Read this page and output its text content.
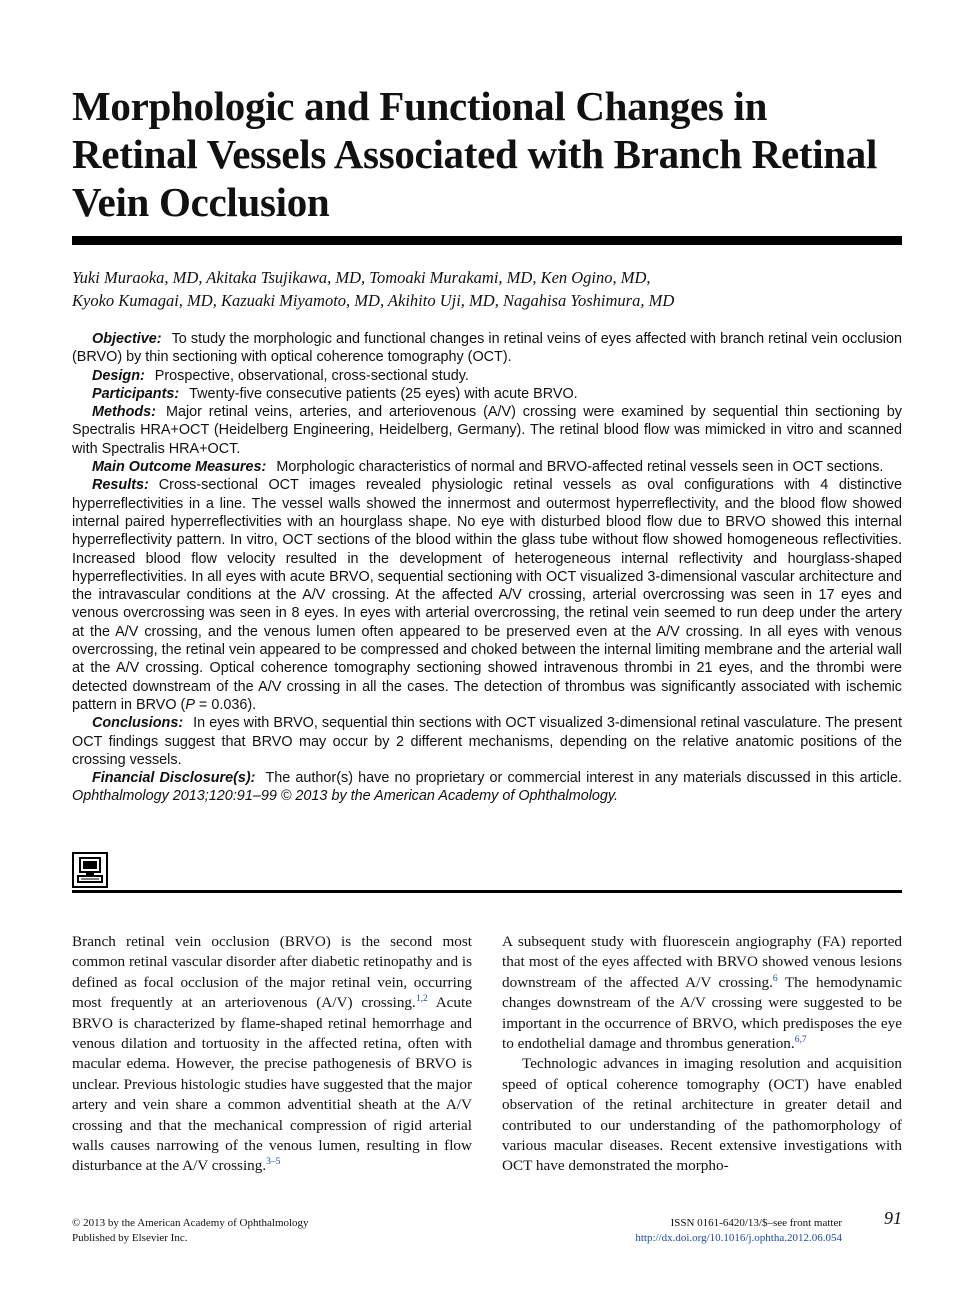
Morphologic and Functional Changes in Retinal Vessels Associated with Branch Retinal Vein Occlusion
Yuki Muraoka, MD, Akitaka Tsujikawa, MD, Tomoaki Murakami, MD, Ken Ogino, MD,
Kyoko Kumagai, MD, Kazuaki Miyamoto, MD, Akihito Uji, MD, Nagahisa Yoshimura, MD

Objective: To study the morphologic and functional changes in retinal veins of eyes affected with branch retinal vein occlusion (BRVO) by thin sectioning with optical coherence tomography (OCT).

Design: Prospective, observational, cross-sectional study.

Participants: Twenty-five consecutive patients (25 eyes) with acute BRVO.

Methods: Major retinal veins, arteries, and arteriovenous (A/V) crossing were examined by sequential thin sectioning by Spectralis HRA+OCT (Heidelberg Engineering, Heidelberg, Germany). The retinal blood flow was mimicked in vitro and scanned with Spectralis HRA+OCT.

Main Outcome Measures: Morphologic characteristics of normal and BRVO-affected retinal vessels seen in OCT sections.

Results: Cross-sectional OCT images revealed physiologic retinal vessels as oval configurations with 4 distinctive hyperreflectivities in a line. The vessel walls showed the innermost and outermost hyperreflectivity, and the blood flow showed internal paired hyperreflectivities with an hourglass shape. No eye with disturbed blood flow due to BRVO showed this internal hyperreflectivity pattern. In vitro, OCT sections of the blood within the glass tube without flow showed homogeneous reflectivities. Increased blood flow velocity resulted in the development of heterogeneous internal reflectivity and hourglass-shaped hyperreflectivities. In all eyes with acute BRVO, sequential sectioning with OCT visualized 3-dimensional vascular architecture and the intravascular conditions at the A/V crossing. At the affected A/V crossing, arterial overcrossing was seen in 17 eyes and venous overcrossing was seen in 8 eyes. In eyes with arterial overcrossing, the retinal vein seemed to run deep under the artery at the A/V crossing, and the venous lumen often appeared to be preserved even at the A/V crossing. In all eyes with venous overcrossing, the retinal vein appeared to be compressed and choked between the internal limiting membrane and the arterial wall at the A/V crossing. Optical coherence tomography sectioning showed intravenous thrombi in 21 eyes, and the thrombi were detected downstream of the A/V crossing in all the cases. The detection of thrombus was significantly associated with ischemic pattern in BRVO (P = 0.036).

Conclusions: In eyes with BRVO, sequential thin sections with OCT visualized 3-dimensional retinal vasculature. The present OCT findings suggest that BRVO may occur by 2 different mechanisms, depending on the relative anatomic positions of the crossing vessels.

Financial Disclosure(s): The author(s) have no proprietary or commercial interest in any materials discussed in this article. Ophthalmology 2013;120:91–99 © 2013 by the American Academy of Ophthalmology.

Branch retinal vein occlusion (BRVO) is the second most common retinal vascular disorder after diabetic retinopathy and is defined as focal occlusion of the major retinal vein, occurring most frequently at an arteriovenous (A/V) crossing.$^{1,2}$ Acute BRVO is characterized by flame-shaped retinal hemorrhage and venous dilation and tortuosity in the affected retina, often with macular edema. However, the precise pathogenesis of BRVO is unclear. Previous histologic studies have suggested that the major artery and vein share a common adventitial sheath at the A/V crossing and that the mechanical compression of rigid arterial walls causes narrowing of the venous lumen, resulting in flow disturbance at the A/V crossing.$^{3-5}$

A subsequent study with fluorescein angiography (FA) reported that most of the eyes affected with BRVO showed venous lesions downstream of the affected A/V crossing.$^6$ The hemodynamic changes downstream of the A/V crossing were suggested to be important in the occurrence of BRVO, which predisposes the eye to endothelial damage and thrombus generation.$^{6,7}$

Technologic advances in imaging resolution and acquisition speed of optical coherence tomography (OCT) have enabled observation of the retinal architecture in greater detail and contributed to our understanding of the pathomorphology of various macular diseases. Recent extensive investigations with OCT have demonstrated the morpho-

© 2013 by the American Academy of Ophthalmology
Published by Elsevier Inc.
ISSN 0161-6420/13/$–see front matter
http://dx.doi.org/10.1016/j.ophtha.2012.06.054
91
